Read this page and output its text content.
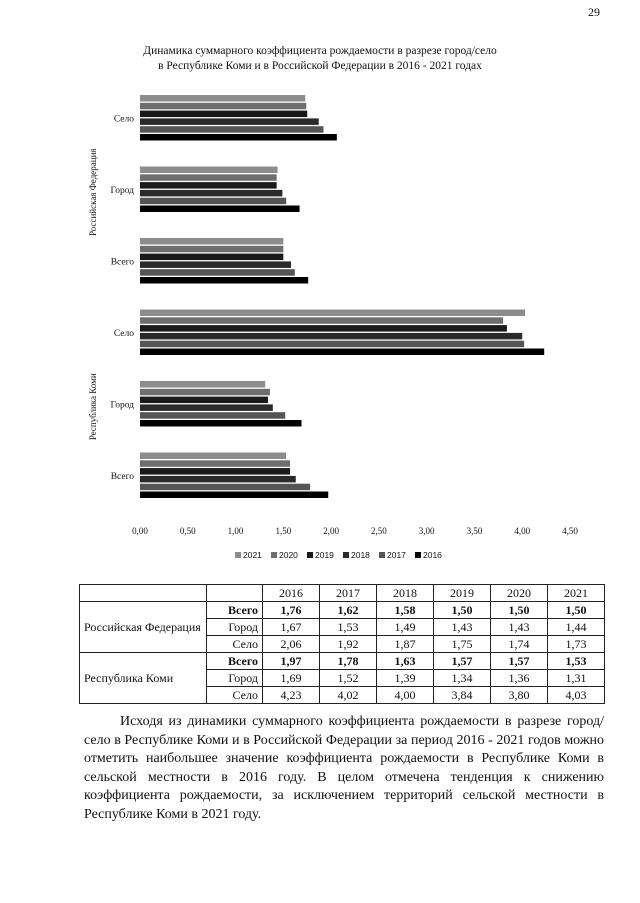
29
Динамика суммарного коэффициента рождаемости в разрезе город/село
в Республике Коми и в Российской Федерации в 2016 - 2021 годах
Село
Город
Всего
Российская Федерация
Село
Город
Всего
Республика Коми
0,00	0,50	1,00	1,50	2,00	2,50	3,00	3,50	4,00	4,50
2021 2020 2019 2018 2017 2016
		2016	2017	2018	2019	2020	2021
Российская Федерация	Всего	1,76	1,62	1,58	1,50	1,50	1,50
	Город	1,67	1,53	1,49	1,43	1,43	1,44
	Село	2,06	1,92	1,87	1,75	1,74	1,73
Республика Коми	Всего	1,97	1,78	1,63	1,57	1,57	1,53
	Город	1,69	1,52	1,39	1,34	1,36	1,31
	Село	4,23	4,02	4,00	3,84	3,80	4,03

Исходя из динамики суммарного коэффициента рождаемости в разрезе город/село в Республике Коми и в Российской Федерации за период 2016 - 2021 годов можно отметить наибольшее значение коэффициента рождаемости в Республике Коми в сельской местности в 2016 году. В целом отмечена тенденция к снижению коэффициента рождаемости, за исключением территорий сельской местности в Республике Коми в 2021 году.
